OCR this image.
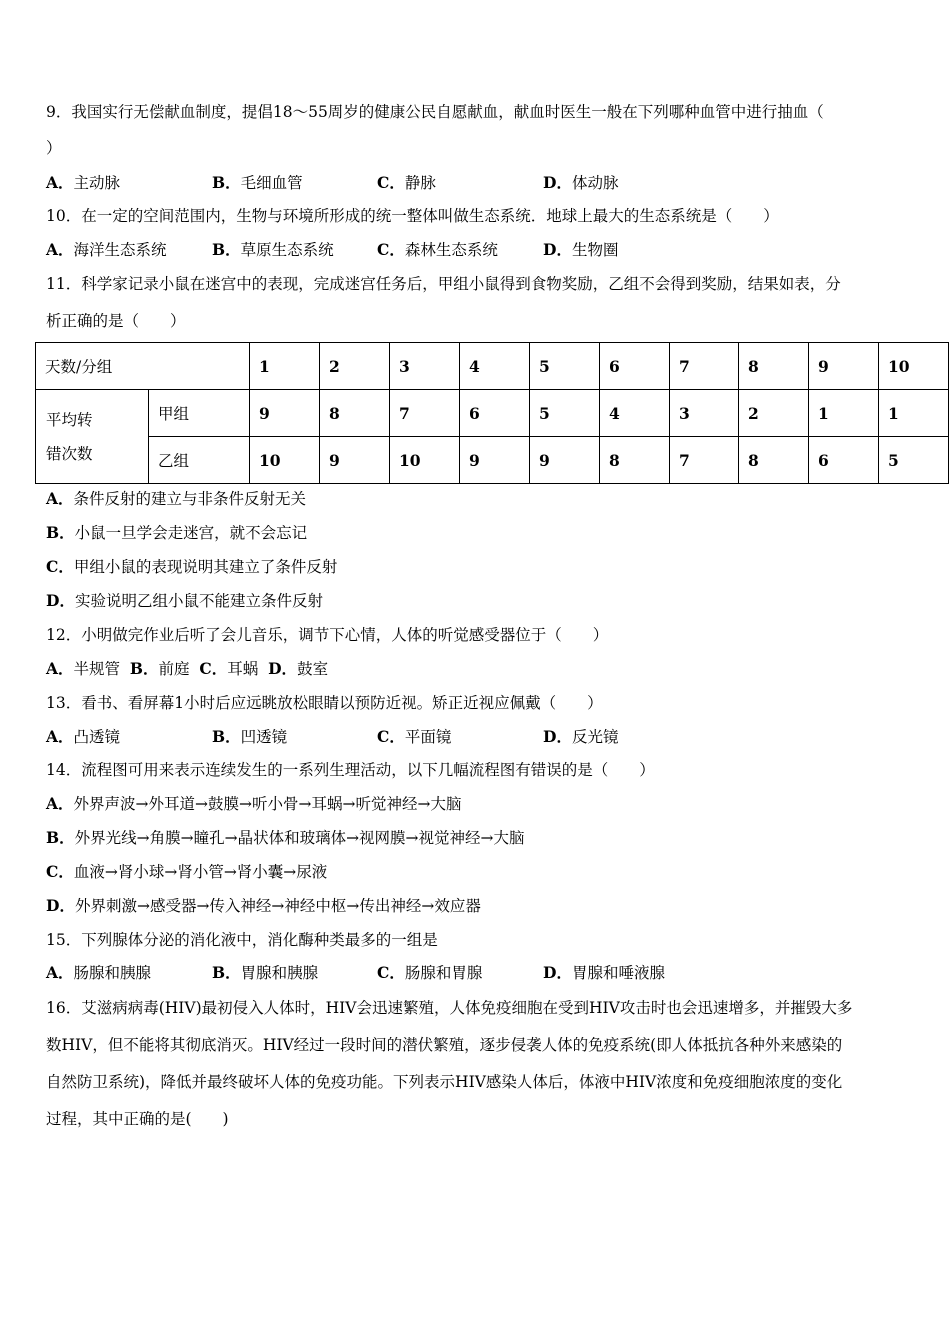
9．我国实行无偿献血制度，提倡18～55周岁的健康公民自愿献血，献血时医生一般在下列哪种血管中进行抽血（
）
A．主动脉	B．毛细血管	C．静脉	D．体动脉
10．在一定的空间范围内，生物与环境所形成的统一整体叫做生态系统．地球上最大的生态系统是（　　）
A．海洋生态系统	B．草原生态系统	C．森林生态系统	D．生物圈
11．科学家记录小鼠在迷宫中的表现，完成迷宫任务后，甲组小鼠得到食物奖励，乙组不会得到奖励，结果如表，分
析正确的是（　　）
天数/分组		1	2	3	4	5	6	7	8	9	10
平均转
错次数	甲组	9	8	7	6	5	4	3	2	1	1
	乙组	10	9	10	9	9	8	7	8	6	5
A．条件反射的建立与非条件反射无关
B．小鼠一旦学会走迷宫，就不会忘记
C．甲组小鼠的表现说明其建立了条件反射
D．实验说明乙组小鼠不能建立条件反射
12．小明做完作业后听了会儿音乐，调节下心情，人体的听觉感受器位于（　　）
A．半规管 B．前庭 C．耳蜗 D．鼓室
13．看书、看屏幕1小时后应远眺放松眼睛以预防近视。矫正近视应佩戴（　　）
A．凸透镜	B．凹透镜	C．平面镜	D．反光镜
14．流程图可用来表示连续发生的一系列生理活动，以下几幅流程图有错误的是（　　）
A．外界声波→外耳道→鼓膜→听小骨→耳蜗→听觉神经→大脑
B．外界光线→角膜→瞳孔→晶状体和玻璃体→视网膜→视觉神经→大脑
C．血液→肾小球→肾小管→肾小囊→尿液
D．外界刺激→感受器→传入神经→神经中枢→传出神经→效应器
15．下列腺体分泌的消化液中，消化酶种类最多的一组是
A．肠腺和胰腺	B．胃腺和胰腺	C．肠腺和胃腺	D．胃腺和唾液腺
16．艾滋病病毒(HIV)最初侵入人体时，HIV会迅速繁殖，人体免疫细胞在受到HIV攻击时也会迅速增多，并摧毁大多
数HIV，但不能将其彻底消灭。HIV经过一段时间的潜伏繁殖，逐步侵袭人体的免疫系统(即人体抵抗各种外来感染的
自然防卫系统)，降低并最终破坏人体的免疫功能。下列表示HIV感染人体后，体液中HIV浓度和免疫细胞浓度的变化
过程，其中正确的是(　　)
